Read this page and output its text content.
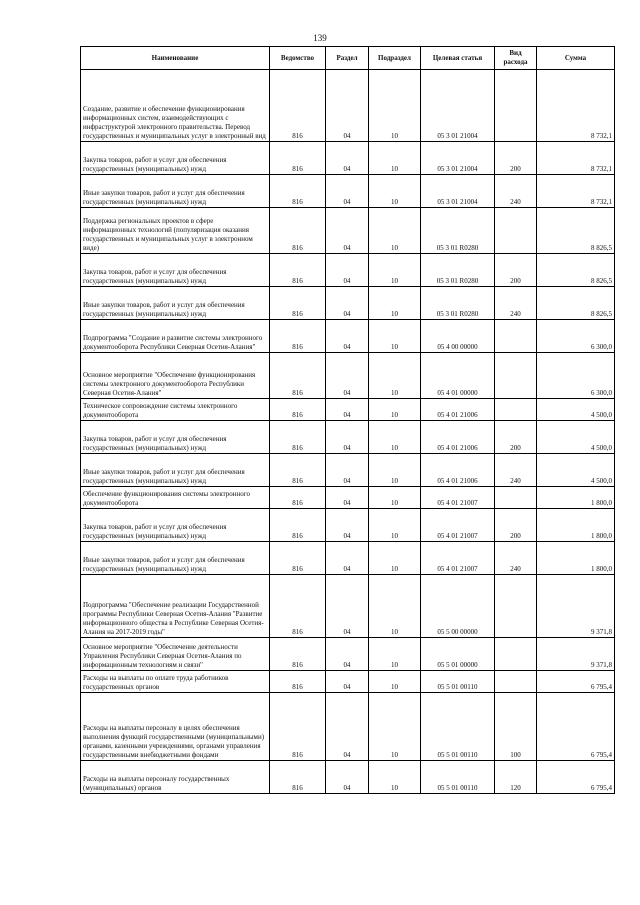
139
Наименование	Ведомство	Раздел	Подраздел	Целевая статья	Вид расхода	Сумма
Создание, развитие и обеспечение функционирования информационных систем, взаимодействующих с инфраструктурой электронного правительства. Перевод государственных и муниципальных услуг в электронный вид	816	04	10	05 3 01 21004		8 732,1
Закупка товаров, работ и услуг для обеспечения государственных (муниципальных) нужд	816	04	10	05 3 01 21004	200	8 732,1
Иные закупки товаров, работ и услуг для обеспечения государственных (муниципальных) нужд	816	04	10	05 3 01 21004	240	8 732,1
Поддержка региональных проектов в сфере информационных технологий (популяризация оказания государственных и муниципальных услуг в электронном виде)	816	04	10	05 3 01 R0280		8 826,5
Закупка товаров, работ и услуг для обеспечения государственных (муниципальных) нужд	816	04	10	05 3 01 R0280	200	8 826,5
Иные закупки товаров, работ и услуг для обеспечения государственных (муниципальных) нужд	816	04	10	05 3 01 R0280	240	8 826,5
Подпрограмма "Создание и развитие системы электронного документооборота Республики Северная Осетия-Алания"	816	04	10	05 4 00 00000		6 300,0
Основное мероприятие "Обеспечение функционирования системы электронного документооборота Республики Северная Осетия-Алания"	816	04	10	05 4 01 00000		6 300,0
Техническое сопровождение системы электронного документооборота	816	04	10	05 4 01 21006		4 500,0
Закупка товаров, работ и услуг для обеспечения государственных (муниципальных) нужд	816	04	10	05 4 01 21006	200	4 500,0
Иные закупки товаров, работ и услуг для обеспечения государственных (муниципальных) нужд	816	04	10	05 4 01 21006	240	4 500,0
Обеспечение функционирования системы электронного документооборота	816	04	10	05 4 01 21007		1 800,0
Закупка товаров, работ и услуг для обеспечения государственных (муниципальных) нужд	816	04	10	05 4 01 21007	200	1 800,0
Иные закупки товаров, работ и услуг для обеспечения государственных (муниципальных) нужд	816	04	10	05 4 01 21007	240	1 800,0
Подпрограмма "Обеспечение реализации Государственной программы Республики Северная Осетия-Алания "Развитие информационного общества в Республике Северная Осетия-Алания на 2017-2019 годы"	816	04	10	05 5 00 00000		9 371,8
Основное мероприятие "Обеспечение деятельности Управления Республики Северная Осетия-Алания по информационным технологиям и связи"	816	04	10	05 5 01 00000		9 371,8
Расходы на выплаты по оплате труда работников государственных органов	816	04	10	05 5 01 00110		6 795,4
Расходы на выплаты персоналу в целях обеспечения выполнения функций государственными (муниципальными) органами, казенными учреждениями, органами управления государственными внебюджетными фондами	816	04	10	05 5 01 00110	100	6 795,4
Расходы на выплаты персоналу государственных (муниципальных) органов	816	04	10	05 5 01 00110	120	6 795,4
